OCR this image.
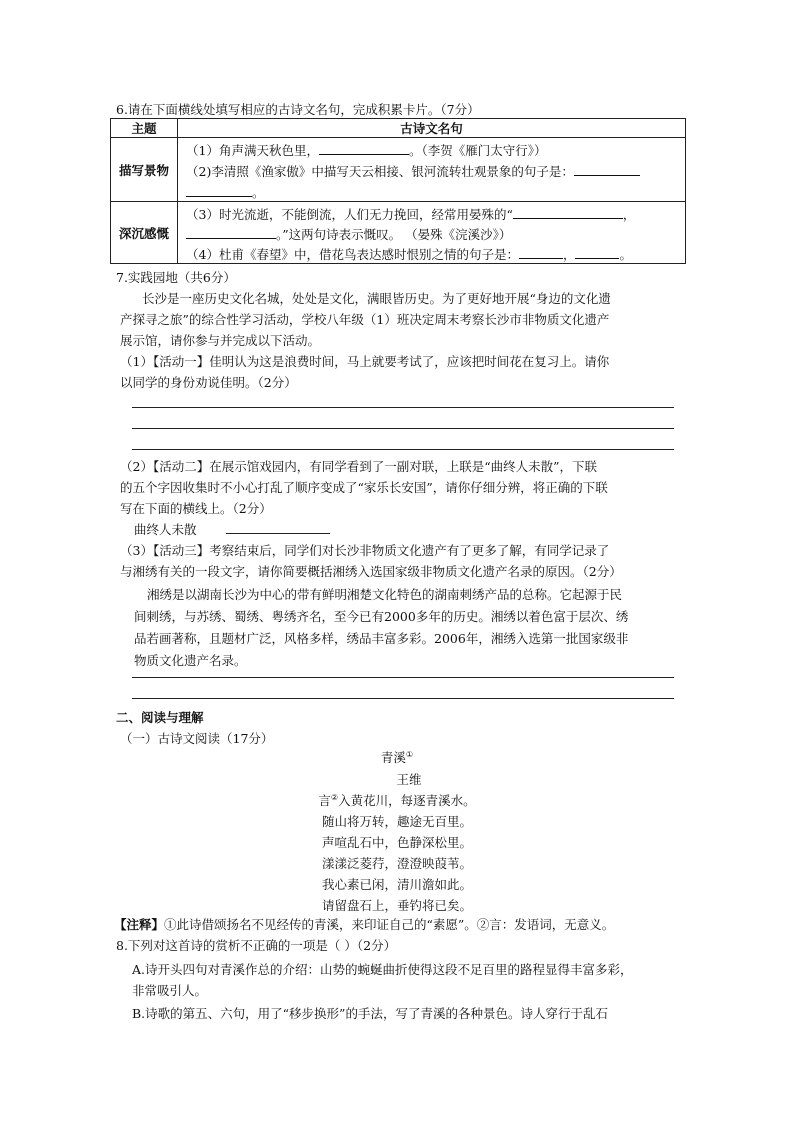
6.请在下面横线处填写相应的古诗文名句，完成积累卡片。（7分）
主题	古诗文名句
描写景物	（1）角声满天秋色里， 。（李贺《雁门太守行》）
（2)李清照《渔家傲》中描写天云相接、银河流转壮观景象的句子是：
。

深沉感慨	（3）时光流逝，不能倒流，人们无力挽回，经常用晏殊的“ ，
。”这两句诗表示慨叹。 （晏殊《浣溪沙》）
（4）杜甫《春望》中，借花鸟表达感时恨别之情的句子是： ， 。
7.实践园地（共6分）
长沙是一座历史文化名城，处处是文化，满眼皆历史。为了更好地开展“身边的文化遗
产探寻之旅”的综合性学习活动，学校八年级（1）班决定周末考察长沙市非物质文化遗产
展示馆，请你参与并完成以下活动。
（1）【活动一】佳明认为这是浪费时间，马上就要考试了，应该把时间花在复习上。请你
以同学的身份劝说佳明。（2分）
（2）【活动二】在展示馆戏园内，有同学看到了一副对联，上联是“曲终人未散”，下联
的五个字因收集时不小心打乱了顺序变成了“家乐长安国”，请你仔细分辨，将正确的下联
写在下面的横线上。（2分）
曲终人未散
（3）【活动三】考察结束后，同学们对长沙非物质文化遗产有了更多了解，有同学记录了
与湘绣有关的一段文字，请你简要概括湘绣入选国家级非物质文化遗产名录的原因。（2分）
湘绣是以湖南长沙为中心的带有鲜明湘楚文化特色的湖南刺绣产品的总称。它起源于民
间刺绣，与苏绣、蜀绣、粤绣齐名，至今已有2000多年的历史。湘绣以着色富于层次、绣
品若画著称，且题材广泛，风格多样，绣品丰富多彩。2006年，湘绣入选第一批国家级非
物质文化遗产名录。
二、阅读与理解
（一）古诗文阅读（17分）
青溪①
王维
言②入黄花川，每逐青溪水。
随山将万转，趣途无百里。
声喧乱石中，色静深松里。
漾漾泛菱荇，澄澄映葭苇。
我心素已闲，清川澹如此。
请留盘石上，垂钓将已矣。
【注释】①此诗借颂扬名不见经传的青溪，来印证自己的“素愿”。②言：发语词，无意义。
8.下列对这首诗的赏析不正确的一项是（ ）（2分）
A.诗开头四句对青溪作总的介绍：山势的蜿蜒曲折使得这段不足百里的路程显得丰富多彩，
非常吸引人。
B.诗歌的第五、六句，用了“移步换形”的手法，写了青溪的各种景色。诗人穿行于乱石
